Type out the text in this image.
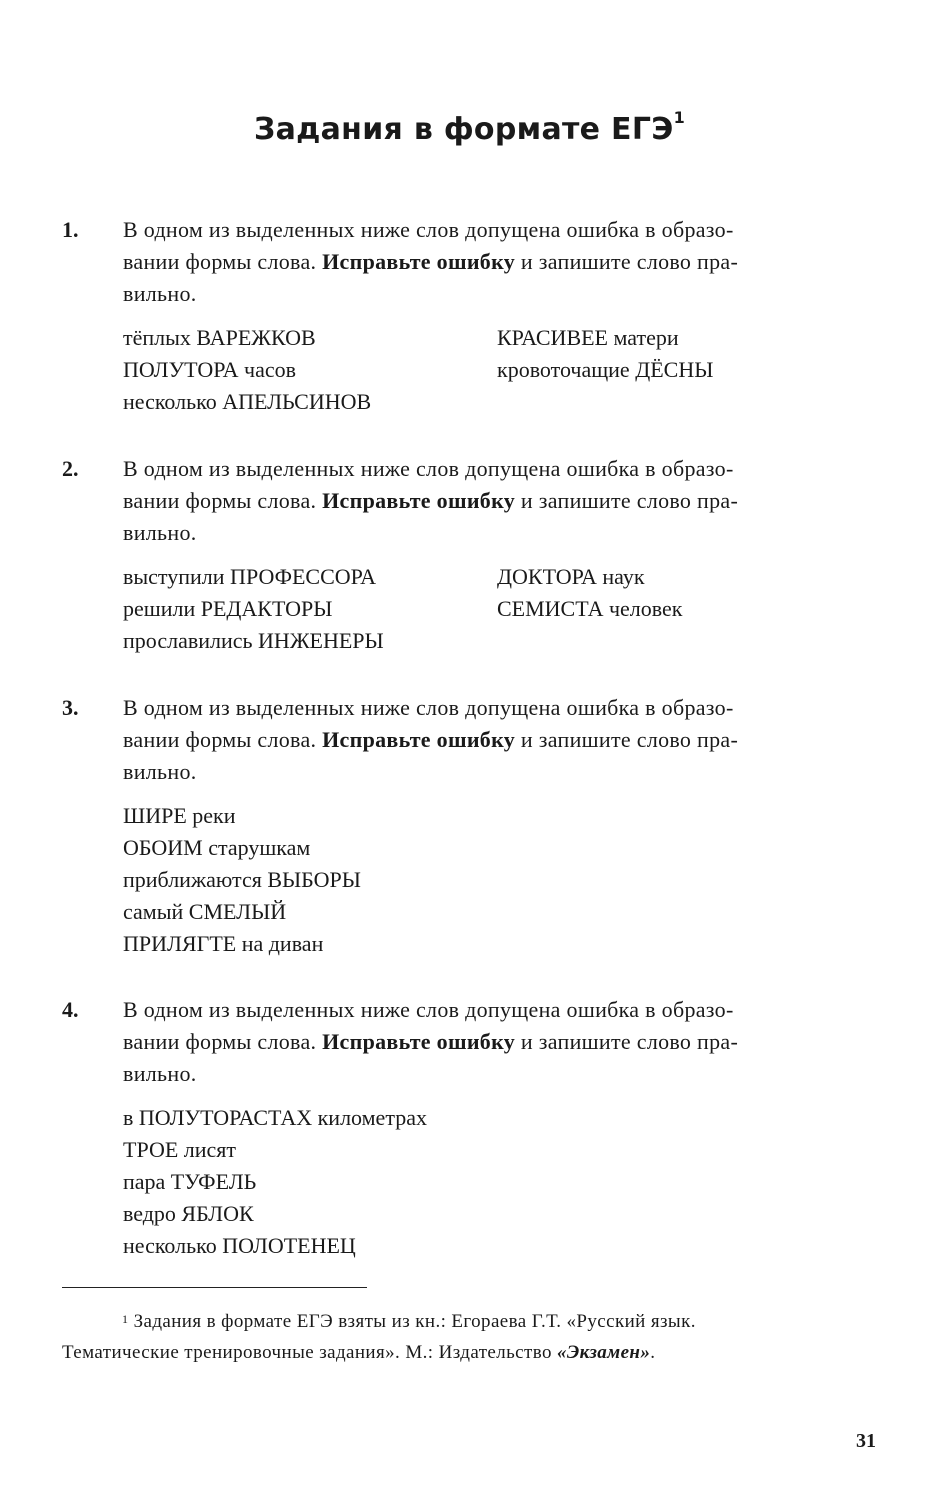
Задания в формате ЕГЭ$^1$
1. В одном из выделенных ниже слов допущена ошибка в образо-
вании формы слова. Исправьте ошибку и запишите слово пра-
вильно.
тёплых ВАРЕЖКОВ
ПОЛУТОРА часов
несколько АПЕЛЬСИНОВ
КРАСИВЕЕ матери
кровоточащие ДЁСНЫ
2. В одном из выделенных ниже слов допущена ошибка в образо-
вании формы слова. Исправьте ошибку и запишите слово пра-
вильно.
выступили ПРОФЕССОРА
решили РЕДАКТОРЫ
прославились ИНЖЕНЕРЫ
ДОКТОРА наук
СЕМИСТА человек
3. В одном из выделенных ниже слов допущена ошибка в образо-
вании формы слова. Исправьте ошибку и запишите слово пра-
вильно.
ШИРЕ реки
ОБОИМ старушкам
приближаются ВЫБОРЫ
самый СМЕЛЫЙ
ПРИЛЯГТЕ на диван
4. В одном из выделенных ниже слов допущена ошибка в образо-
вании формы слова. Исправьте ошибку и запишите слово пра-
вильно.
в ПОЛУТОРАСТАХ километрах
ТРОЕ лисят
пара ТУФЕЛЬ
ведро ЯБЛОК
несколько ПОЛОТЕНЕЦ
$^1$ Задания в формате ЕГЭ взяты из кн.: Егораева Г.Т. «Русский язык.
Тематические тренировочные задания». М.: Издательство «Экзамен».
31
